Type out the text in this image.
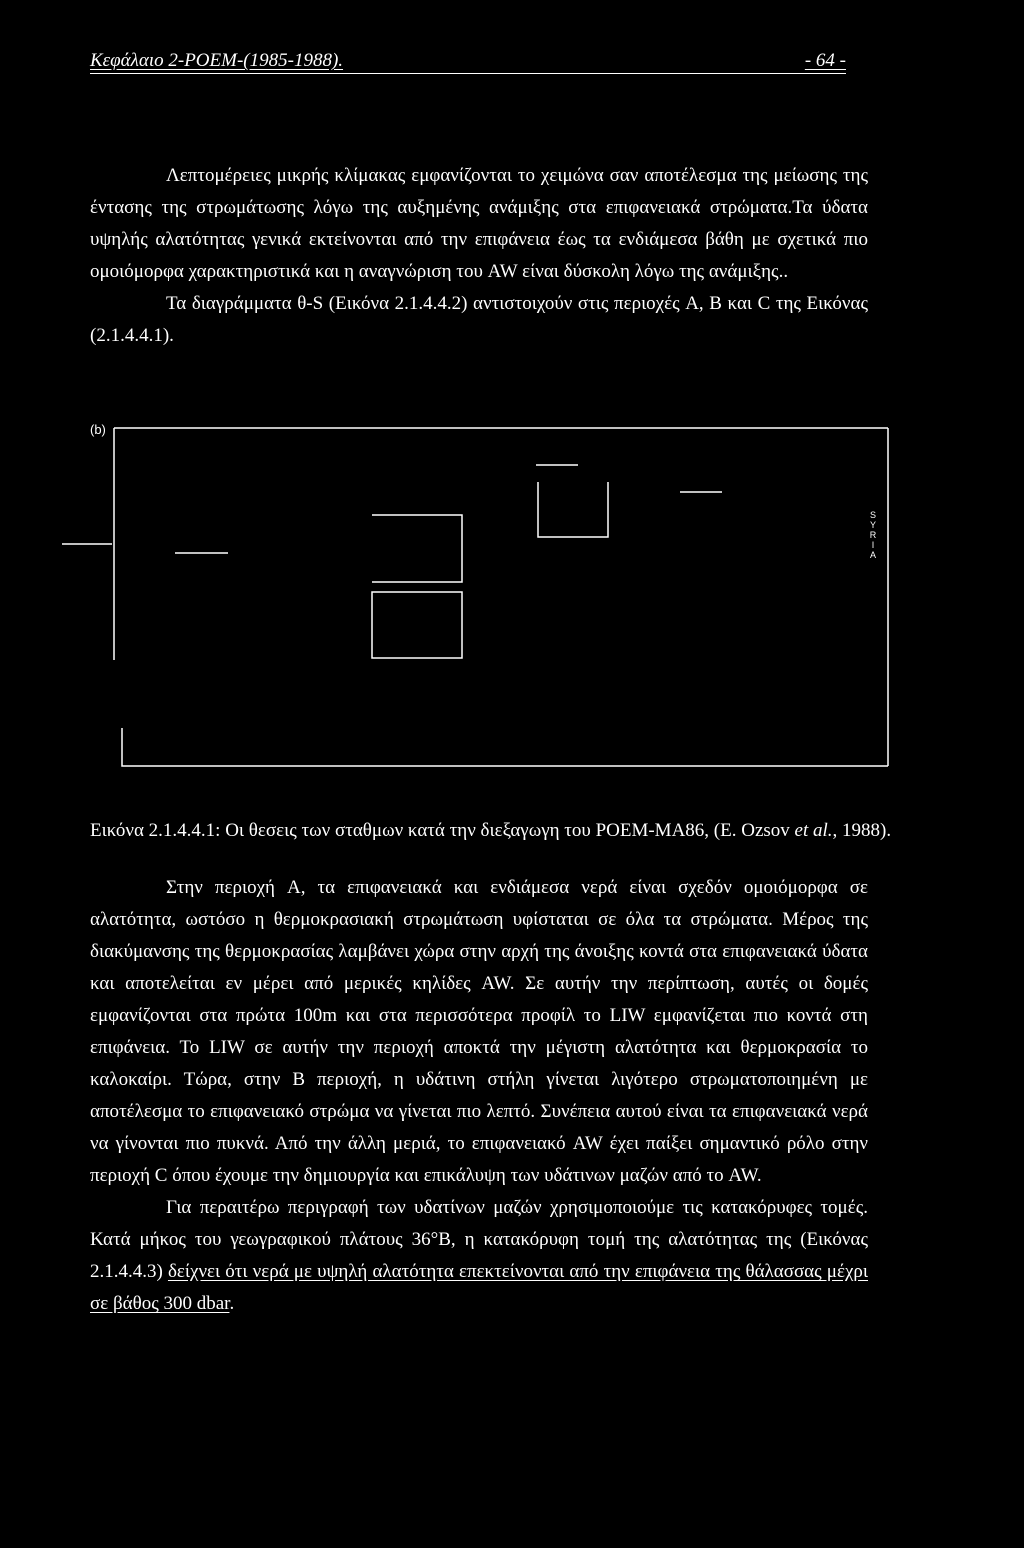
Κεφάλαιο 2-POEM-(1985-1988).	- 64 -

Λεπτομέρειες μικρής κλίμακας εμφανίζονται το χειμώνα σαν αποτέλεσμα της μείωσης της έντασης της στρωμάτωσης λόγω της αυξημένης ανάμιξης στα επιφανειακά στρώματα.Τα ύδατα υψηλής αλατότητας γενικά εκτείνονται από την επιφάνεια έως τα ενδιάμεσα βάθη με σχετικά πιο ομοιόμορφα χαρακτηριστικά και η αναγνώριση του AW είναι δύσκολη λόγω της ανάμιξης..

Τα διαγράμματα θ-S (Εικόνα 2.1.4.4.2) αντιστοιχούν στις περιοχές A, B και C της Εικόνας (2.1.4.4.1).

(b)
SYRIA
Εικόνα 2.1.4.4.1: Οι θεσεις των σταθμων κατά την διεξαγωγη του POEM-MA86, (E. Ozsov et al., 1988).

Στην περιοχή A, τα επιφανειακά και ενδιάμεσα νερά είναι σχεδόν ομοιόμορφα σε αλατότητα, ωστόσο η θερμοκρασιακή στρωμάτωση υφίσταται σε όλα τα στρώματα. Μέρος της διακύμανσης της θερμοκρασίας λαμβάνει χώρα στην αρχή της άνοιξης κοντά στα επιφανειακά ύδατα και αποτελείται εν μέρει από μερικές κηλίδες AW. Σε αυτήν την περίπτωση, αυτές οι δομές εμφανίζονται στα πρώτα 100m και στα περισσότερα προφίλ το LIW εμφανίζεται πιο κοντά στη επιφάνεια. Το LIW σε αυτήν την περιοχή αποκτά την μέγιστη αλατότητα και θερμοκρασία το καλοκαίρι. Τώρα, στην B περιοχή, η υδάτινη στήλη γίνεται λιγότερο στρωματοποιημένη με αποτέλεσμα το επιφανειακό στρώμα να γίνεται πιο λεπτό. Συνέπεια αυτού είναι τα επιφανειακά νερά να γίνονται πιο πυκνά. Από την άλλη μεριά, το επιφανειακό AW έχει παίξει σημαντικό ρόλο στην περιοχή C όπου έχουμε την δημιουργία και επικάλυψη των υδάτινων μαζών από το AW.

Για περαιτέρω περιγραφή των υδατίνων μαζών χρησιμοποιούμε τις κατακόρυφες τομές. Κατά μήκος του γεωγραφικού πλάτους 36°Β, η κατακόρυφη τομή της αλατότητας της (Εικόνας 2.1.4.4.3) δείχνει ότι νερά με υψηλή αλατότητα επεκτείνονται από την επιφάνεια της θάλασσας μέχρι σε βάθος 300 dbar.
